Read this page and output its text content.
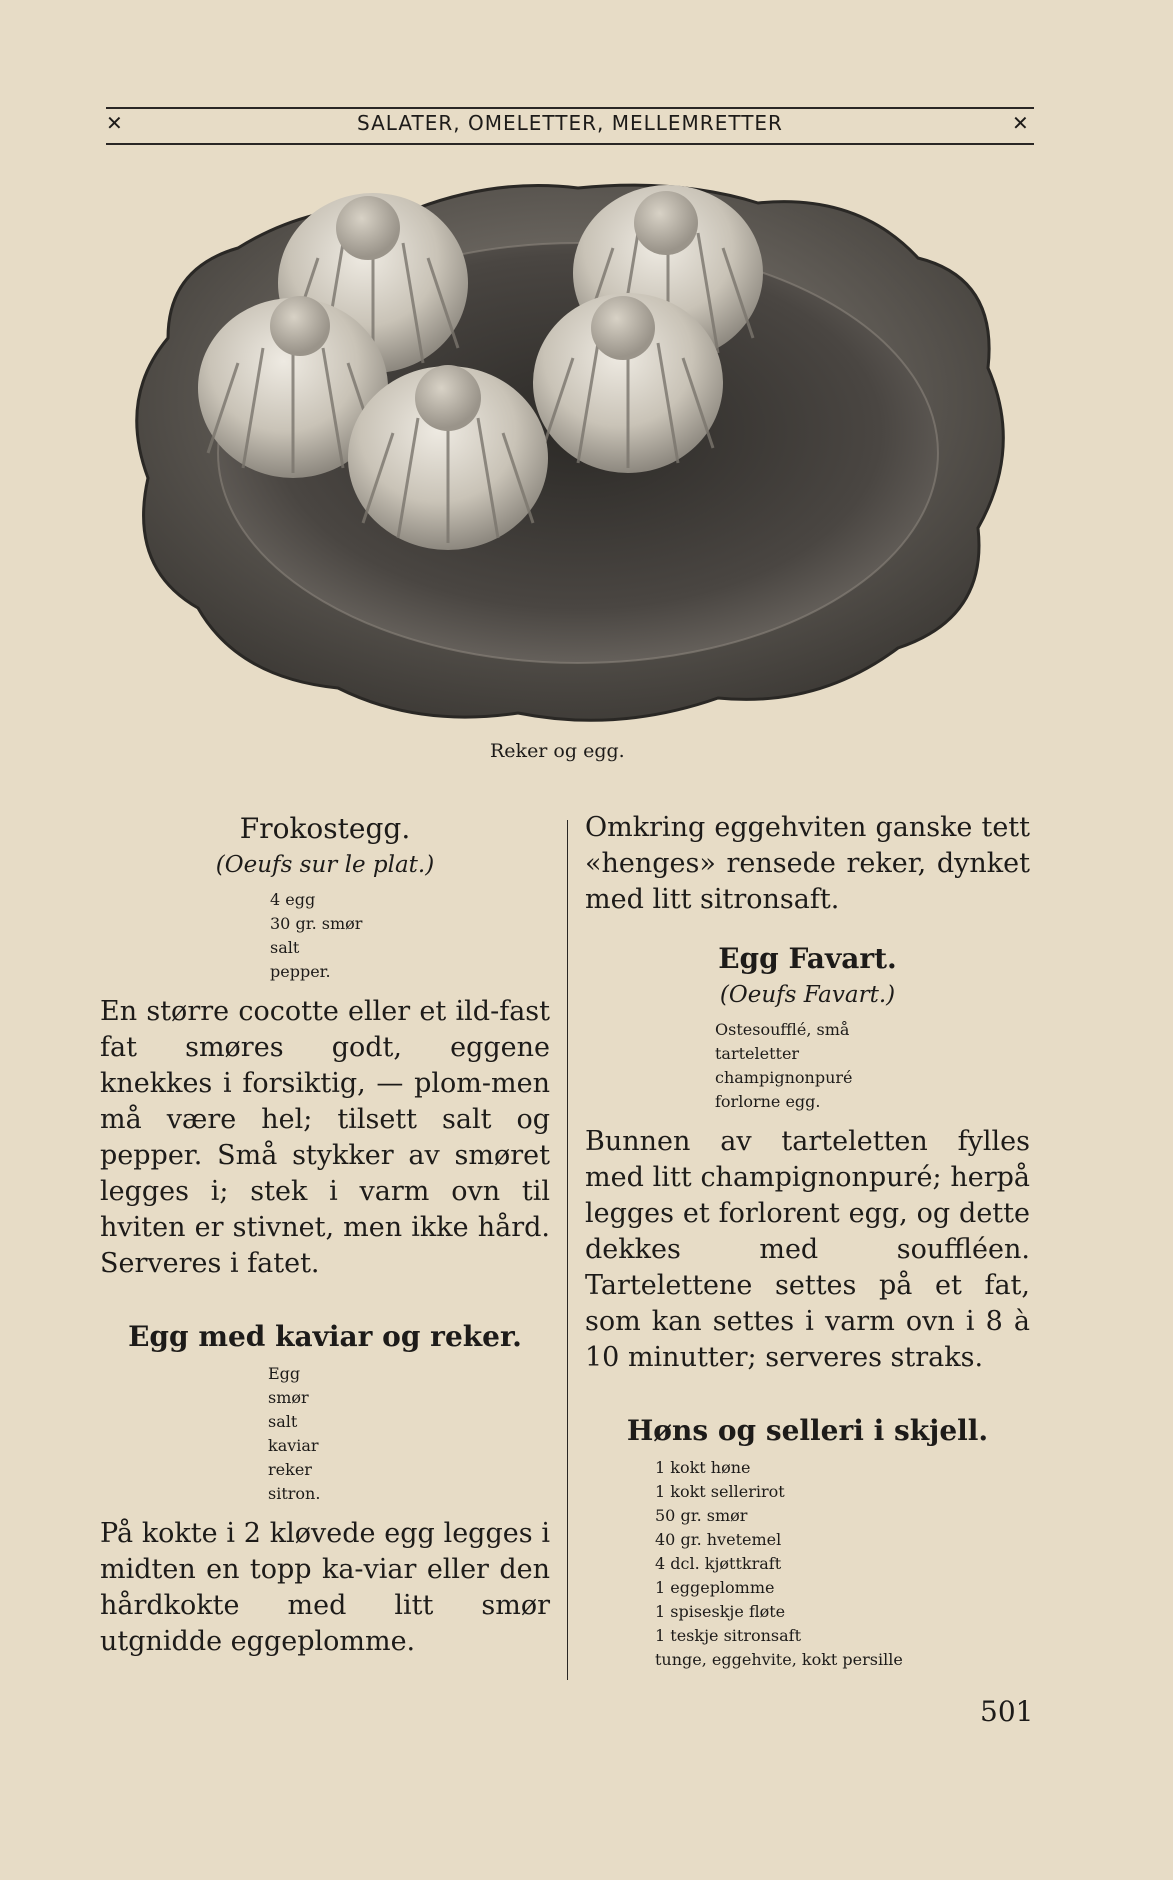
✕	SALATER, OMELETTER, MELLEMRETTER	✕
Reker og egg.

Frokostegg.

(Oeufs sur le plat.)

4 egg
30 gr. smør
salt
pepper.

En større cocotte eller et ild-fast fat smøres godt, eggene knekkes i forsiktig, — plom-men må være hel; tilsett salt og pepper. Små stykker av smøret legges i; stek i varm ovn til hviten er stivnet, men ikke hård. Serveres i fatet.

Egg med kaviar og reker.

Egg
smør
salt
kaviar
reker
sitron.

På kokte i 2 kløvede egg legges i midten en topp ka-viar eller den hårdkokte med litt smør utgnidde eggeplomme.

Omkring eggehviten ganske tett «henges» rensede reker, dynket med litt sitronsaft.

Egg Favart.

(Oeufs Favart.)

Ostesoufflé, små
tarteletter
champignonpuré
forlorne egg.

Bunnen av tarteletten fylles med litt champignonpuré; herpå legges et forlorent egg, og dette dekkes med souffléen. Tartelettene settes på et fat, som kan settes i varm ovn i 8 à 10 minutter; serveres straks.

Høns og selleri i skjell.

1 kokt høne
1 kokt sellerirot
50 gr. smør
40 gr. hvetemel
4 dcl. kjøttkraft
1 eggeplomme
1 spiseskje fløte
1 teskje sitronsaft
tunge, eggehvite, kokt persille
501
